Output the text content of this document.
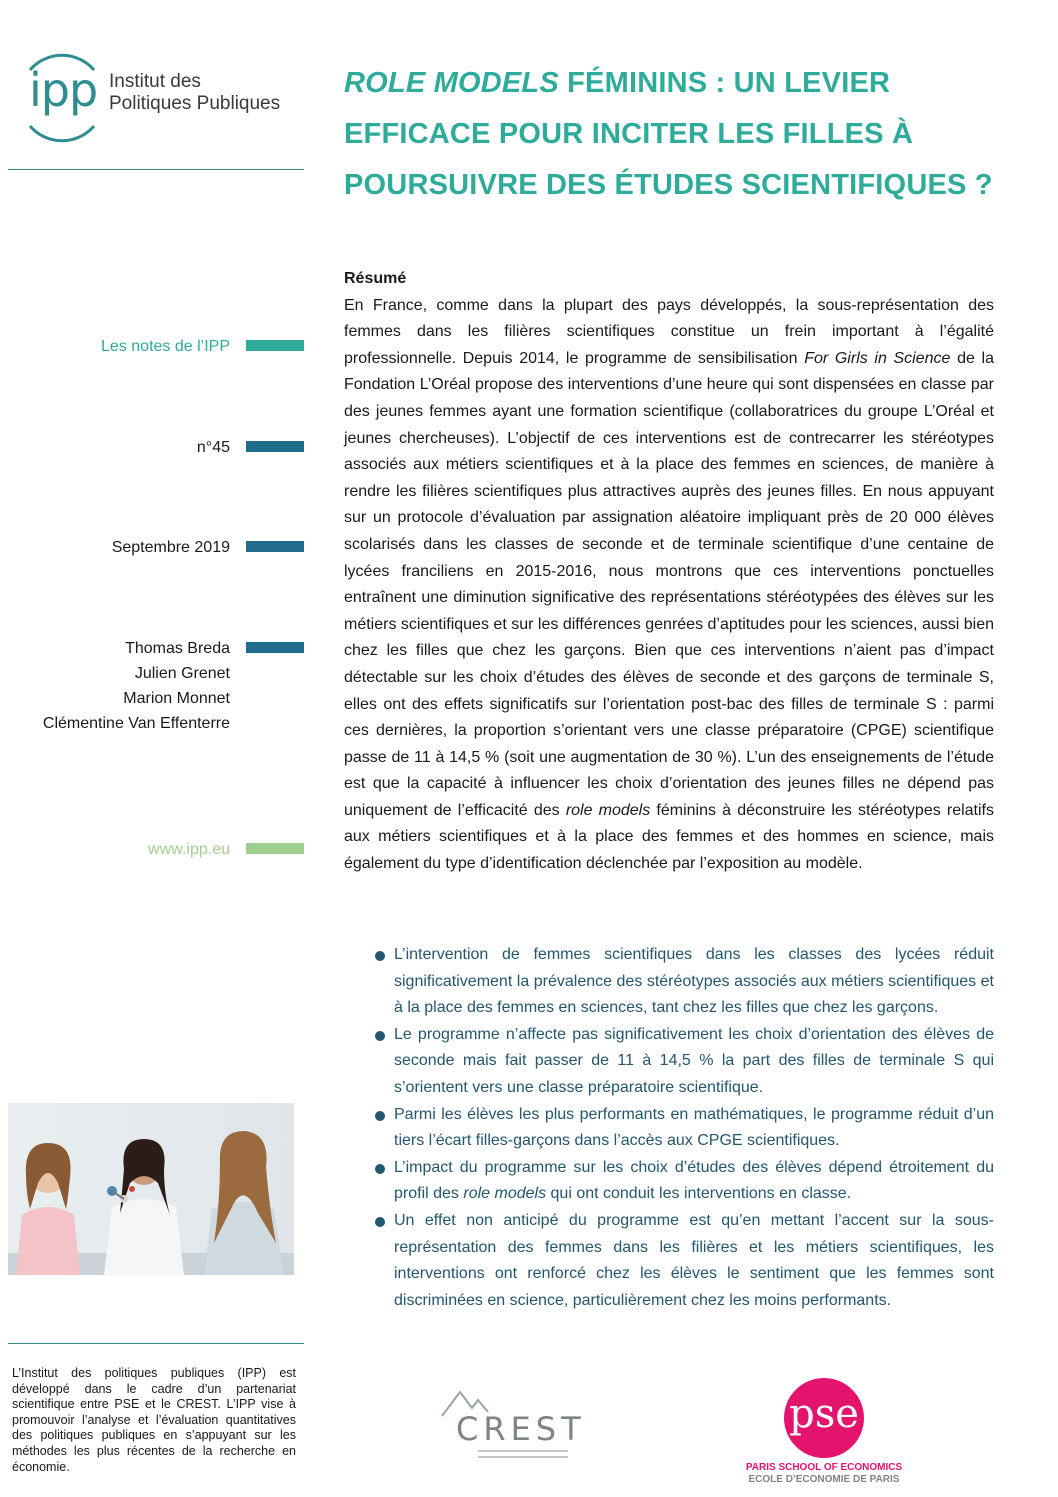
ipp Institut des
Politiques Publiques
ROLE MODELS FÉMININS : UN LEVIER EFFICACE POUR INCITER LES FILLES À POURSUIVRE DES ÉTUDES SCIENTIFIQUES ?
Les notes de l’IPP
n°45
Septembre 2019
Thomas Breda
Julien Grenet
Marion Monnet
Clémentine Van Effenterre
www.ipp.eu
Résumé

En France, comme dans la plupart des pays développés, la sous-représentation des femmes dans les filières scientifiques constitue un frein important à l’égalité professionnelle. Depuis 2014, le programme de sensibilisation For Girls in Science de la Fondation L’Oréal propose des interventions d’une heure qui sont dispensées en classe par des jeunes femmes ayant une formation scientifique (collaboratrices du groupe L’Oréal et jeunes chercheuses). L’objectif de ces interventions est de contrecarrer les stéréotypes associés aux métiers scientifiques et à la place des femmes en sciences, de manière à rendre les filières scientifiques plus attractives auprès des jeunes filles. En nous appuyant sur un protocole d’évaluation par assignation aléatoire impliquant près de 20 000 élèves scolarisés dans les classes de seconde et de terminale scientifique d’une centaine de lycées franciliens en 2015-2016, nous montrons que ces interventions ponctuelles entraînent une diminution significative des représentations stéréotypées des élèves sur les métiers scientifiques et sur les différences genrées d’aptitudes pour les sciences, aussi bien chez les filles que chez les garçons. Bien que ces interventions n’aient pas d’impact détectable sur les choix d’études des élèves de seconde et des garçons de terminale S, elles ont des effets significatifs sur l’orientation post-bac des filles de terminale S : parmi ces dernières, la proportion s’orientant vers une classe préparatoire (CPGE) scientifique passe de 11 à 14,5 % (soit une augmentation de 30 %). L’un des enseignements de l’étude est que la capacité à influencer les choix d’orientation des jeunes filles ne dépend pas uniquement de l’efficacité des role models féminins à déconstruire les stéréotypes relatifs aux métiers scientifiques et à la place des femmes et des hommes en science, mais également du type d’identification déclenchée par l’exposition au modèle.

L’intervention de femmes scientifiques dans les classes des lycées réduit significativement la prévalence des stéréotypes associés aux métiers scientifiques et à la place des femmes en sciences, tant chez les filles que chez les garçons.
Le programme n’affecte pas significativement les choix d’orientation des élèves de seconde mais fait passer de 11 à 14,5 % la part des filles de terminale S qui s’orientent vers une classe préparatoire scientifique.
Parmi les élèves les plus performants en mathématiques, le programme réduit d’un tiers l’écart filles-garçons dans l’accès aux CPGE scientifiques.
L’impact du programme sur les choix d’études des élèves dépend étroitement du profil des role models qui ont conduit les interventions en classe.
Un effet non anticipé du programme est qu’en mettant l’accent sur la sous-représentation des femmes dans les filières et les métiers scientifiques, les interventions ont renforcé chez les élèves le sentiment que les femmes sont discriminées en science, particulièrement chez les moins performants.
L’Institut des politiques publiques (IPP) est développé dans le cadre d’un partenariat scientifique entre PSE et le CREST. L’IPP vise à promouvoir l’analyse et l’évaluation quantitatives des politiques publiques en s’appuyant sur les méthodes les plus récentes de la recherche en économie.
CREST	pse
PARIS SCHOOL OF ECONOMICS
ECOLE D’ECONOMIE DE PARIS
